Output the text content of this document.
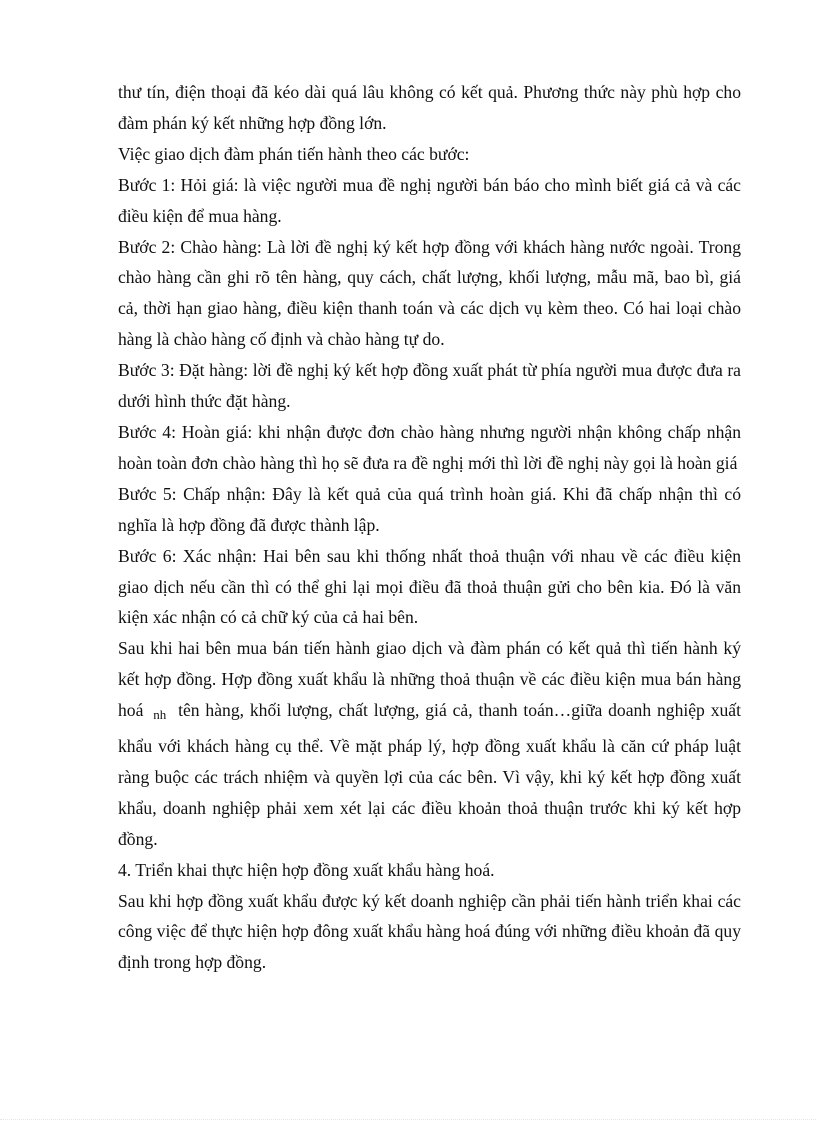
thư tín, điện thoại đã kéo dài quá lâu không có kết quả. Phương thức này phù hợp cho đàm phán ký kết những hợp đồng lớn.

Việc giao dịch đàm phán tiến hành theo các bước:

Bước 1: Hỏi giá: là việc người mua đề nghị người bán báo cho mình biết giá cả và các điều kiện để mua hàng.

Bước 2: Chào hàng: Là lời đề nghị ký kết hợp đồng với khách hàng nước ngoài. Trong chào hàng cần ghi rõ tên hàng, quy cách, chất lượng, khối lượng, mẫu mã, bao bì, giá cả, thời hạn giao hàng, điều kiện thanh toán và các dịch vụ kèm theo. Có hai loại chào hàng là chào hàng cố định và chào hàng tự do.

Bước 3: Đặt hàng: lời đề nghị ký kết hợp đồng xuất phát từ phía người mua được đưa ra dưới hình thức đặt hàng.

Bước 4: Hoàn giá: khi nhận được đơn chào hàng nhưng người nhận không chấp nhận hoàn toàn đơn chào hàng thì họ sẽ đưa ra đề nghị mới thì lời đề nghị này gọi là hoàn giá

Bước 5: Chấp nhận: Đây là kết quả của quá trình hoàn giá. Khi đã chấp nhận thì có nghĩa là hợp đồng đã được thành lập.

Bước 6: Xác nhận: Hai bên sau khi thống nhất thoả thuận với nhau về các điều kiện giao dịch nếu cần thì có thể ghi lại mọi điều đã thoả thuận gửi cho bên kia. Đó là văn kiện xác nhận có cả chữ ký của cả hai bên.

Sau khi hai bên mua bán tiến hành giao dịch và đàm phán có kết quả thì tiến hành ký kết hợp đồng. Hợp đồng xuất khẩu là những thoả thuận về các điều kiện mua bán hàng hoá nh tên hàng, khối lượng, chất lượng, giá cả, thanh toán…giữa doanh nghiệp xuất khẩu với khách hàng cụ thể. Về mặt pháp lý, hợp đồng xuất khẩu là căn cứ pháp luật ràng buộc các trách nhiệm và quyền lợi của các bên. Vì vậy, khi ký kết hợp đồng xuất khẩu, doanh nghiệp phải xem xét lại các điều khoản thoả thuận trước khi ký kết hợp đồng.

4. Triển khai thực hiện hợp đồng xuất khẩu hàng hoá.

Sau khi hợp đồng xuất khẩu được ký kết doanh nghiệp cần phải tiến hành triển khai các công việc để thực hiện hợp đông xuất khẩu hàng hoá đúng với những điều khoản đã quy định trong hợp đồng.
